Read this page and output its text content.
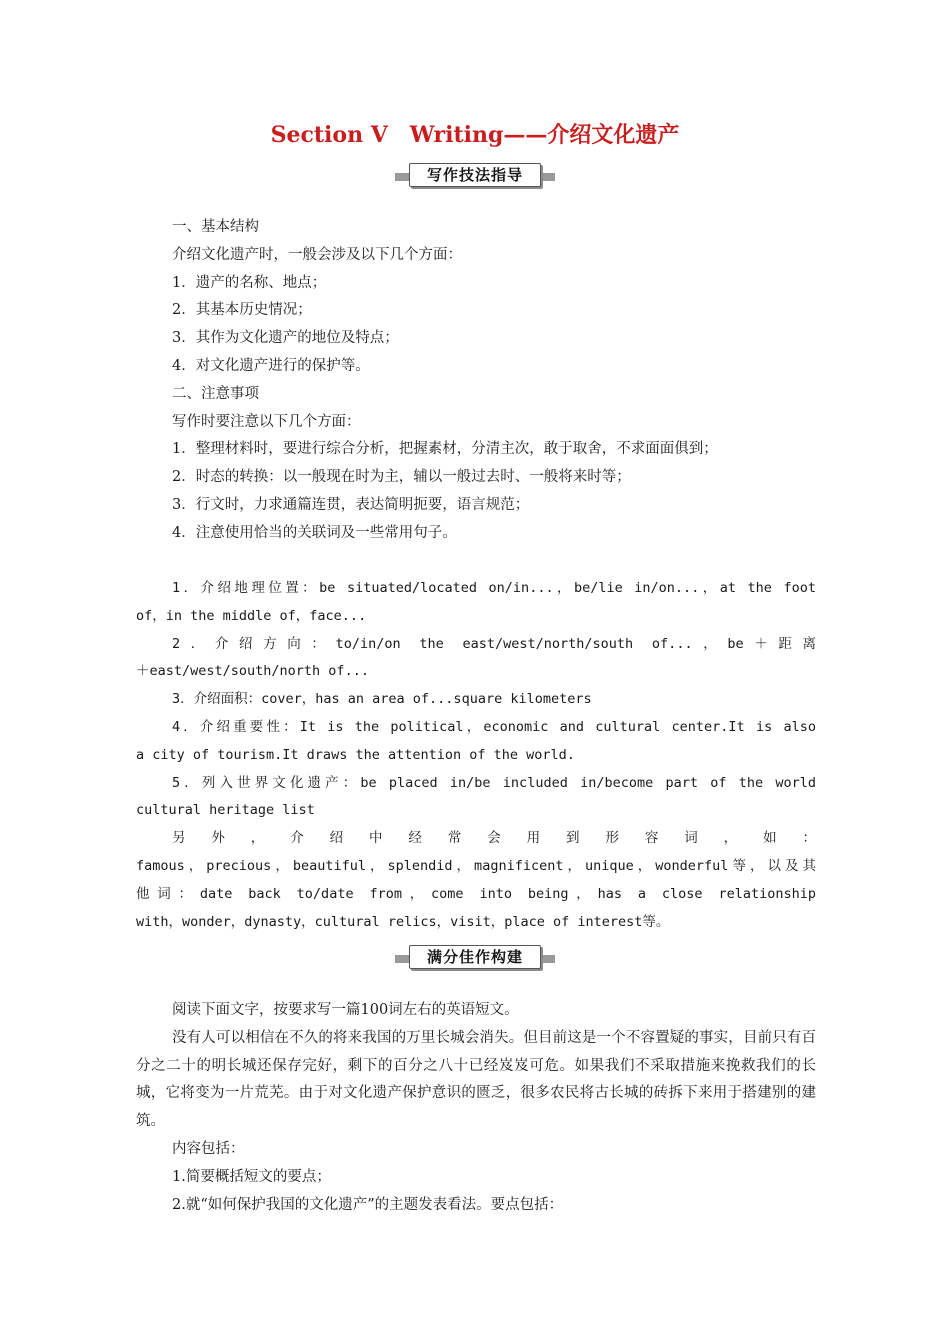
Section Ⅴ　Writing——介绍文化遗产
写作技法指导

一、基本结构

介绍文化遗产时，一般会涉及以下几个方面：

1．遗产的名称、地点；

2．其基本历史情况；

3．其作为文化遗产的地位及特点；

4．对文化遗产进行的保护等。

二、注意事项

写作时要注意以下几个方面：

1．整理材料时，要进行综合分析，把握素材，分清主次，敢于取舍，不求面面俱到；

2．时态的转换：以一般现在时为主，辅以一般过去时、一般将来时等；

3．行文时，力求通篇连贯，表达简明扼要，语言规范；

4．注意使用恰当的关联词及一些常用句子。

1．介绍地理位置：be situated/located on/in...，be/lie in/on...，at the foot

of，in the middle of，face...

2．介绍方向：to/in/on the east/west/north/south of...，be＋距离

＋east/west/south/north of...

3．介绍面积：cover，has an area of...square kilometers

4．介绍重要性：It is the political，economic and cultural center.It is also

a city of tourism.It draws the attention of the world.

5．列入世界文化遗产：be placed in/be included in/become part of the world

cultural heritage list

另外，介绍中经常会用到形容词，如：

famous，precious，beautiful，splendid，magnificent，unique，wonderful等，以及其

他词：date back to/date from，come into being，has a close relationship

with，wonder，dynasty，cultural relics，visit，place of interest等。

满分佳作构建

阅读下面文字，按要求写一篇100词左右的英语短文。

没有人可以相信在不久的将来我国的万里长城会消失。但目前这是一个不容置疑的事实，目前只有百分之二十的明长城还保存完好，剩下的百分之八十已经岌岌可危。如果我们不采取措施来挽救我们的长城，它将变为一片荒芜。由于对文化遗产保护意识的匮乏，很多农民将古长城的砖拆下来用于搭建别的建筑。

内容包括：

1.简要概括短文的要点；

2.就“如何保护我国的文化遗产”的主题发表看法。要点包括：
